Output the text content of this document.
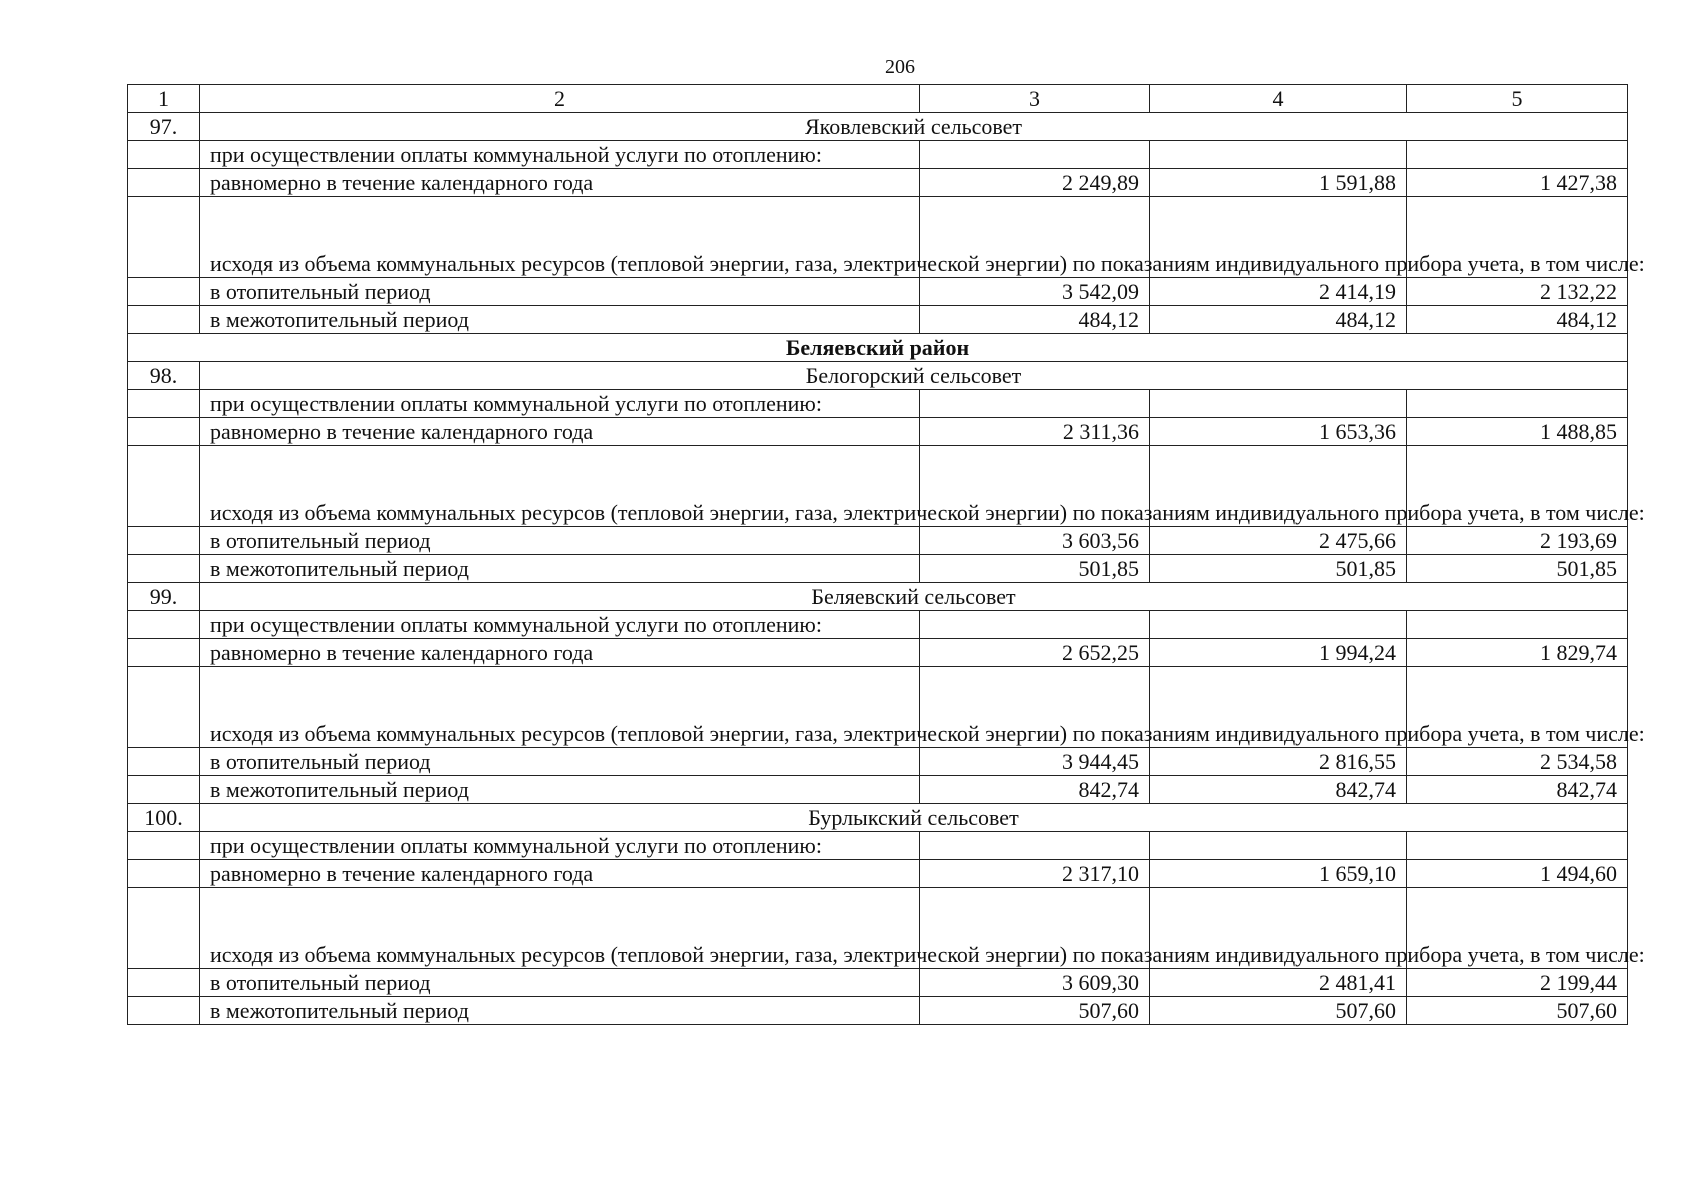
206
1	2	3	4	5
97.	Яковлевский сельсовет			
	при осуществлении оплаты коммунальной услуги по отоплению:			
	равномерно в течение календарного года	2 249,89	1 591,88	1 427,38
	исходя из объема коммунальных ресурсов (тепловой энергии, газа, электрической энергии) по показаниям индивидуального прибора учета, в том числе:			
	в отопительный период	3 542,09	2 414,19	2 132,22
	в межотопительный период	484,12	484,12	484,12
Беляевский район				
98.	Белогорский сельсовет			
	при осуществлении оплаты коммунальной услуги по отоплению:			
	равномерно в течение календарного года	2 311,36	1 653,36	1 488,85
	исходя из объема коммунальных ресурсов (тепловой энергии, газа, электрической энергии) по показаниям индивидуального прибора учета, в том числе:			
	в отопительный период	3 603,56	2 475,66	2 193,69
	в межотопительный период	501,85	501,85	501,85
99.	Беляевский сельсовет			
	при осуществлении оплаты коммунальной услуги по отоплению:			
	равномерно в течение календарного года	2 652,25	1 994,24	1 829,74
	исходя из объема коммунальных ресурсов (тепловой энергии, газа, электрической энергии) по показаниям индивидуального прибора учета, в том числе:			
	в отопительный период	3 944,45	2 816,55	2 534,58
	в межотопительный период	842,74	842,74	842,74
100.	Бурлыкский сельсовет			
	при осуществлении оплаты коммунальной услуги по отоплению:			
	равномерно в течение календарного года	2 317,10	1 659,10	1 494,60
	исходя из объема коммунальных ресурсов (тепловой энергии, газа, электрической энергии) по показаниям индивидуального прибора учета, в том числе:			
	в отопительный период	3 609,30	2 481,41	2 199,44
	в межотопительный период	507,60	507,60	507,60
